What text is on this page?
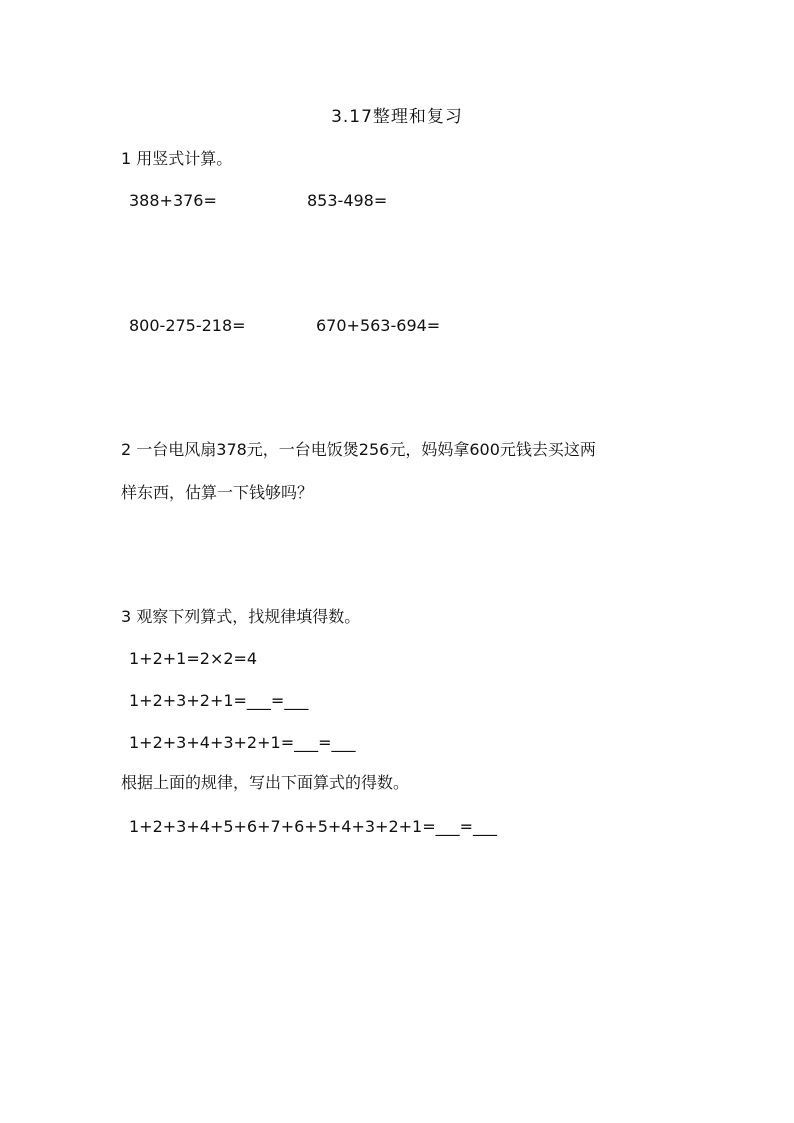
3.17整理和复习
1 用竖式计算。
388+376=	853-498=
800-275-218=	670+563-694=
2 一台电风扇378元，一台电饭煲256元，妈妈拿600元钱去买这两
样东西，估算一下钱够吗？
3 观察下列算式，找规律填得数。
1+2+1=2×2=4
1+2+3+2+1=___=___
1+2+3+4+3+2+1=___=___
根据上面的规律，写出下面算式的得数。
1+2+3+4+5+6+7+6+5+4+3+2+1=___=___
